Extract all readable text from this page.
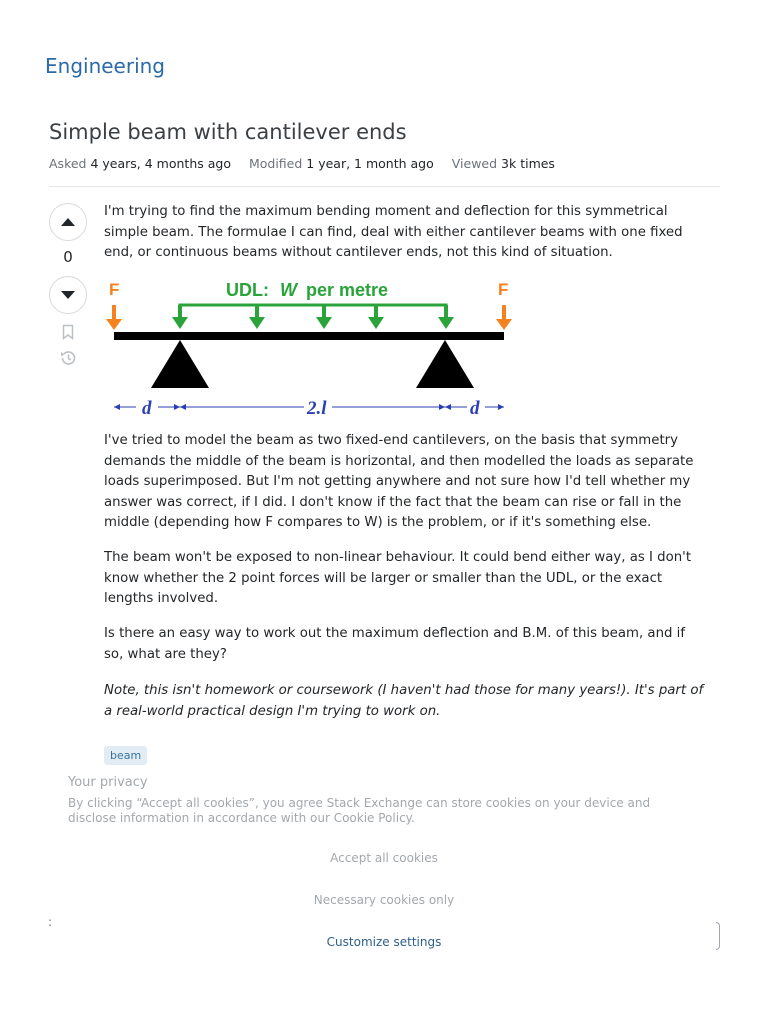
Engineering
Simple beam with cantilever ends
Asked 4 years, 4 months ago Modified 1 year, 1 month ago Viewed 3k times
0

I'm trying to find the maximum bending moment and deflection for this symmetrical simple beam. The formulae I can find, deal with either cantilever beams with one fixed end, or continuous beams without cantilever ends, not this kind of situation.

F	F
UDL: W per metre
d	2.l	d

I've tried to model the beam as two fixed-end cantilevers, on the basis that symmetry demands the middle of the beam is horizontal, and then modelled the loads as separate loads superimposed. But I'm not getting anywhere and not sure how I'd tell whether my answer was correct, if I did. I don't know if the fact that the beam can rise or fall in the middle (depending how F compares to W) is the problem, or if it's something else.

The beam won't be exposed to non-linear behaviour. It could bend either way, as I don't know whether the 2 point forces will be larger or smaller than the UDL, or the exact lengths involved.

Is there an easy way to work out the maximum deflection and B.M. of this beam, and if so, what are they?

Note, this isn't homework or coursework (I haven't had those for many years!). It's part of a real-world practical design I'm trying to work on.

beam
Your privacy
By clicking “Accept all cookies”, you agree Stack Exchange can store cookies on your device and disclose information in accordance with our Cookie Policy.
Accept all cookies
Necessary cookies only
Customize settings
:
